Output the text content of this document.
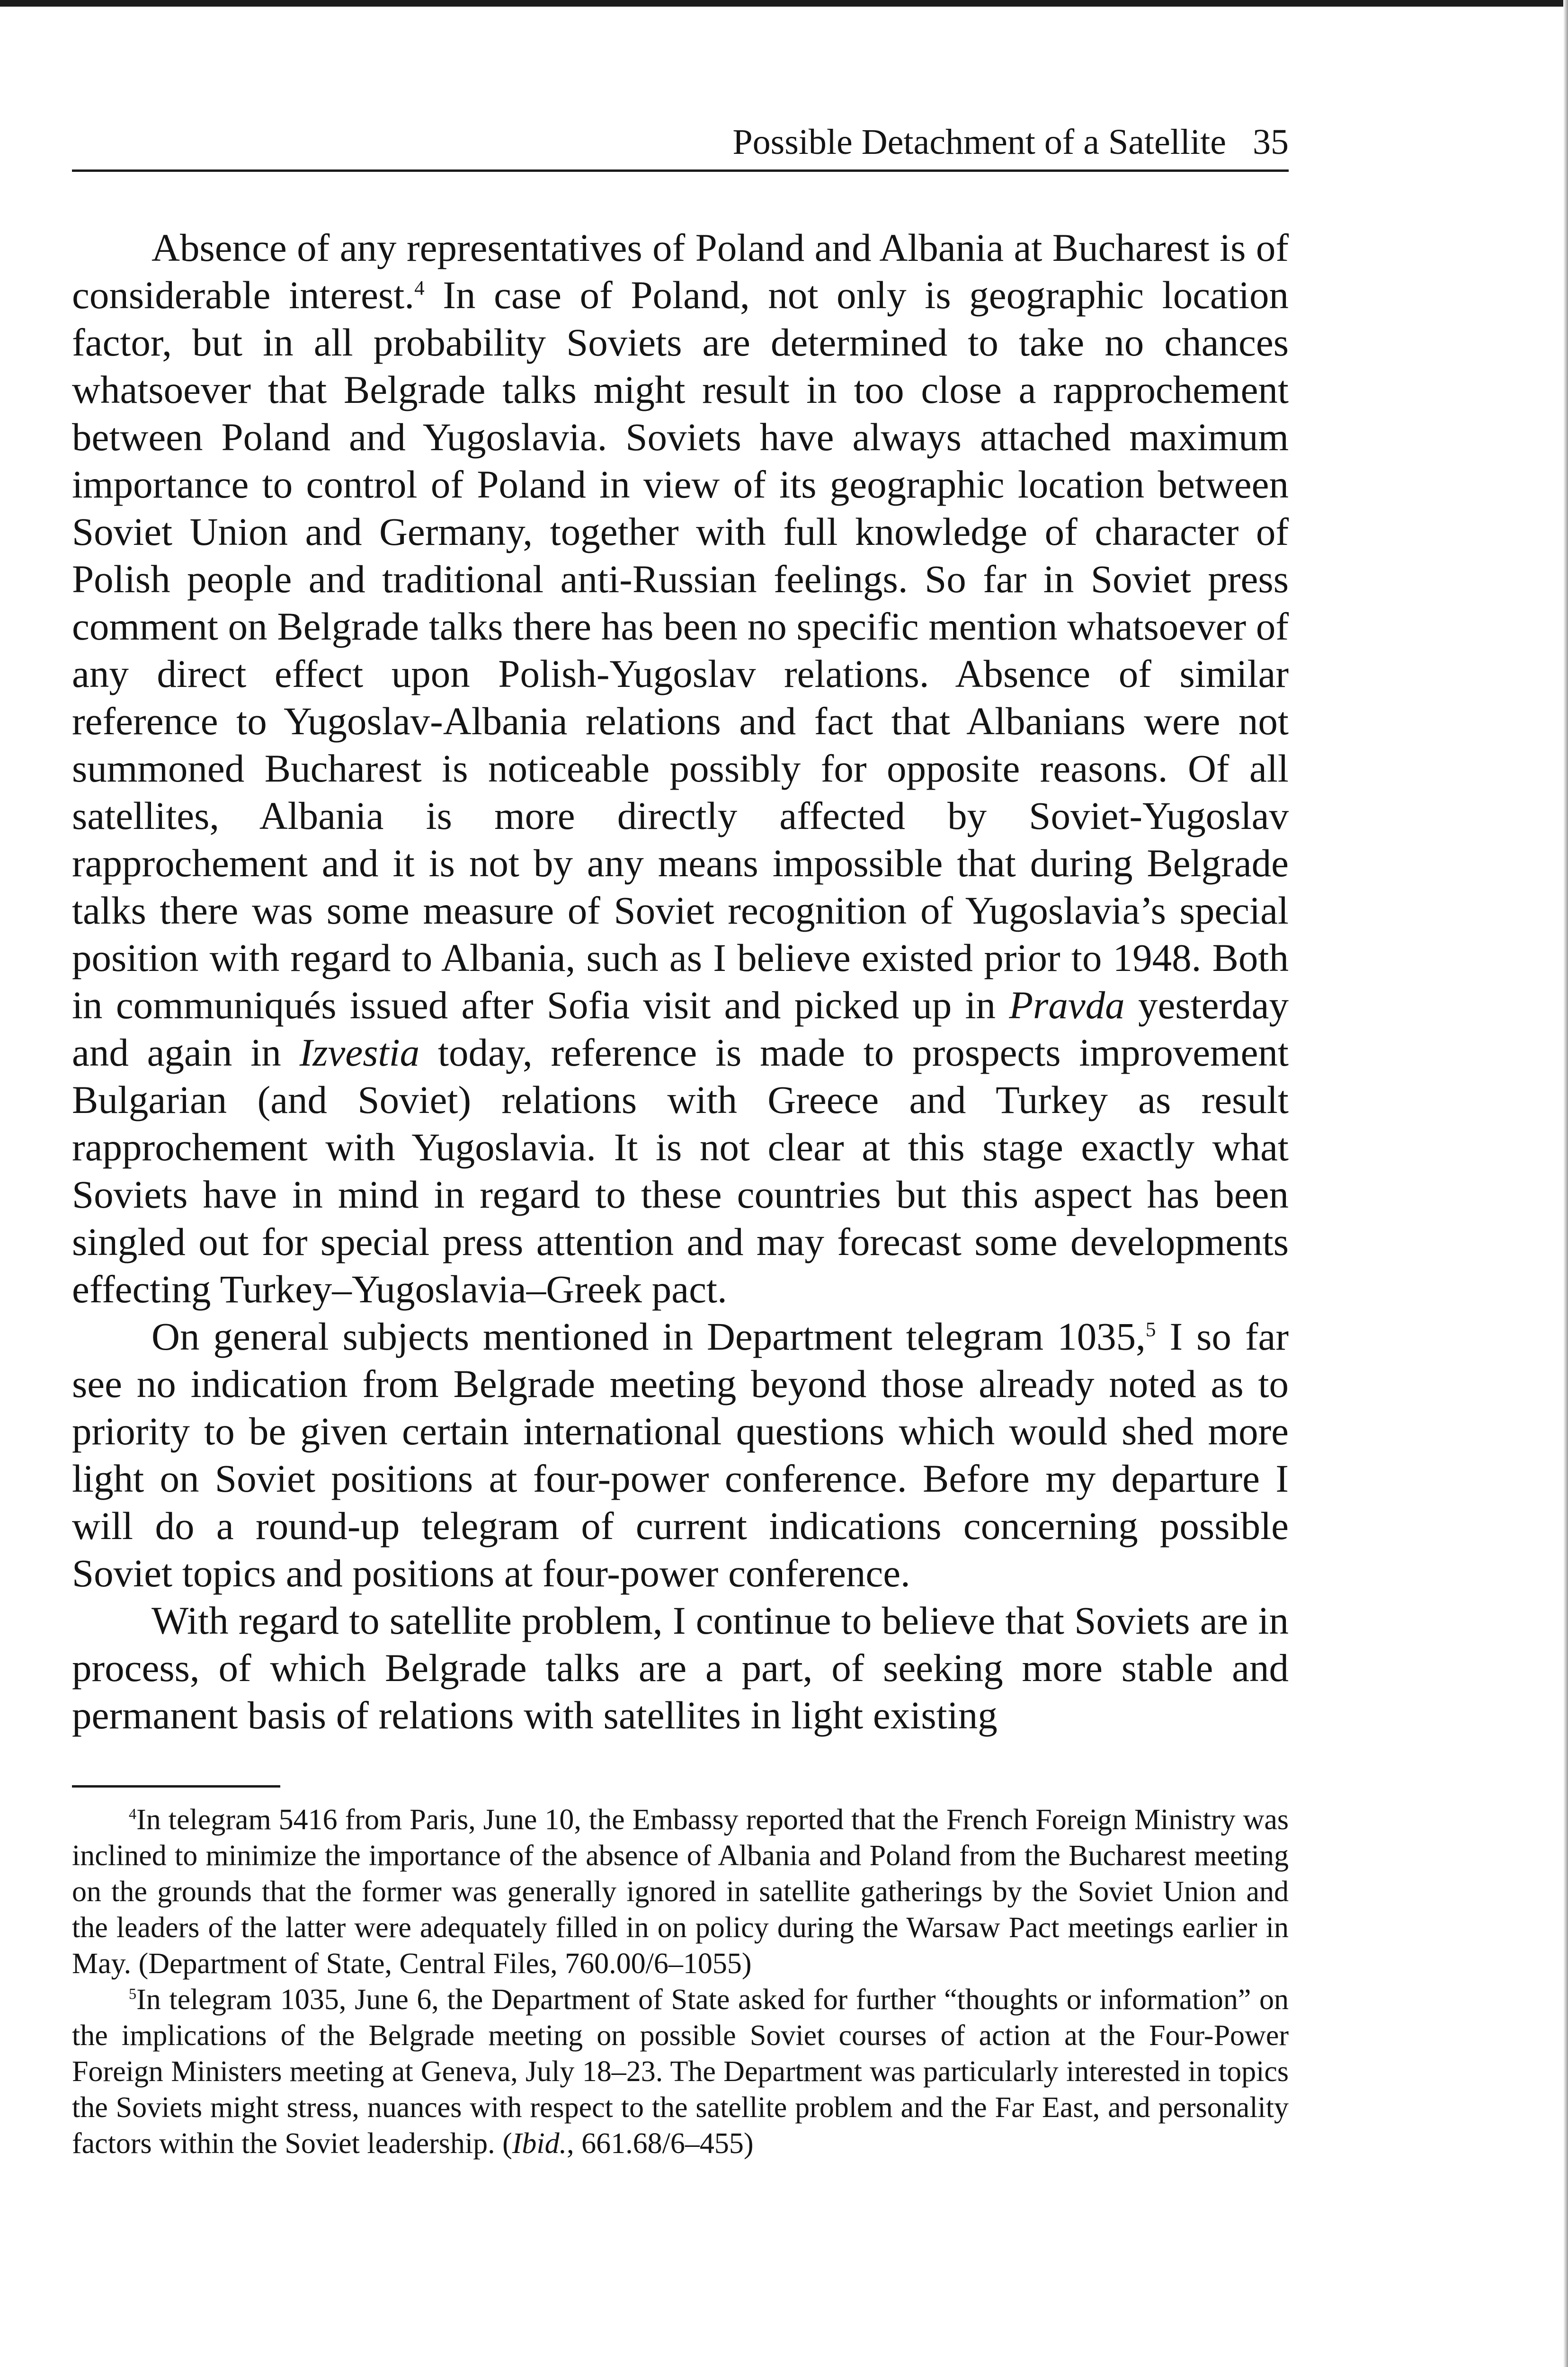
Possible Detachment of a Satellite 35

Absence of any representatives of Poland and Albania at Bucharest is of considerable interest.$^4$ In case of Poland, not only is geographic location factor, but in all probability Soviets are determined to take no chances whatsoever that Belgrade talks might result in too close a rapprochement between Poland and Yugoslavia. Soviets have always attached maximum importance to control of Poland in view of its geographic location between Soviet Union and Germany, together with full knowledge of character of Polish people and traditional anti-Russian feelings. So far in Soviet press comment on Belgrade talks there has been no specific mention whatsoever of any direct effect upon Polish-Yugoslav relations. Absence of similar reference to Yugoslav-Albania relations and fact that Albanians were not summoned Bucharest is noticeable possibly for opposite reasons. Of all satellites, Albania is more directly affected by Soviet-Yugoslav rapprochement and it is not by any means impossible that during Belgrade talks there was some measure of Soviet recognition of Yugoslavia’s special position with regard to Albania, such as I believe existed prior to 1948. Both in communiqués issued after Sofia visit and picked up in Pravda yesterday and again in Izvestia today, reference is made to prospects improvement Bulgarian (and Soviet) relations with Greece and Turkey as result rapprochement with Yugoslavia. It is not clear at this stage exactly what Soviets have in mind in regard to these countries but this aspect has been singled out for special press attention and may forecast some developments effecting Turkey–Yugoslavia–Greek pact.

On general subjects mentioned in Department telegram 1035,$^5$ I so far see no indication from Belgrade meeting beyond those already noted as to priority to be given certain international questions which would shed more light on Soviet positions at four-power conference. Before my departure I will do a round-up telegram of current indications concerning possible Soviet topics and positions at four-power conference.

With regard to satellite problem, I continue to believe that Soviets are in process, of which Belgrade talks are a part, of seeking more stable and permanent basis of relations with satellites in light existing

$^4$In telegram 5416 from Paris, June 10, the Embassy reported that the French Foreign Ministry was inclined to minimize the importance of the absence of Albania and Poland from the Bucharest meeting on the grounds that the former was generally ignored in satellite gatherings by the Soviet Union and the leaders of the latter were adequately filled in on policy during the Warsaw Pact meetings earlier in May. (Department of State, Central Files, 760.00/6–1055)

$^5$In telegram 1035, June 6, the Department of State asked for further “thoughts or information” on the implications of the Belgrade meeting on possible Soviet courses of action at the Four-Power Foreign Ministers meeting at Geneva, July 18–23. The Department was particularly interested in topics the Soviets might stress, nuances with respect to the satellite problem and the Far East, and personality factors within the Soviet leadership. (Ibid., 661.68/6–455)
